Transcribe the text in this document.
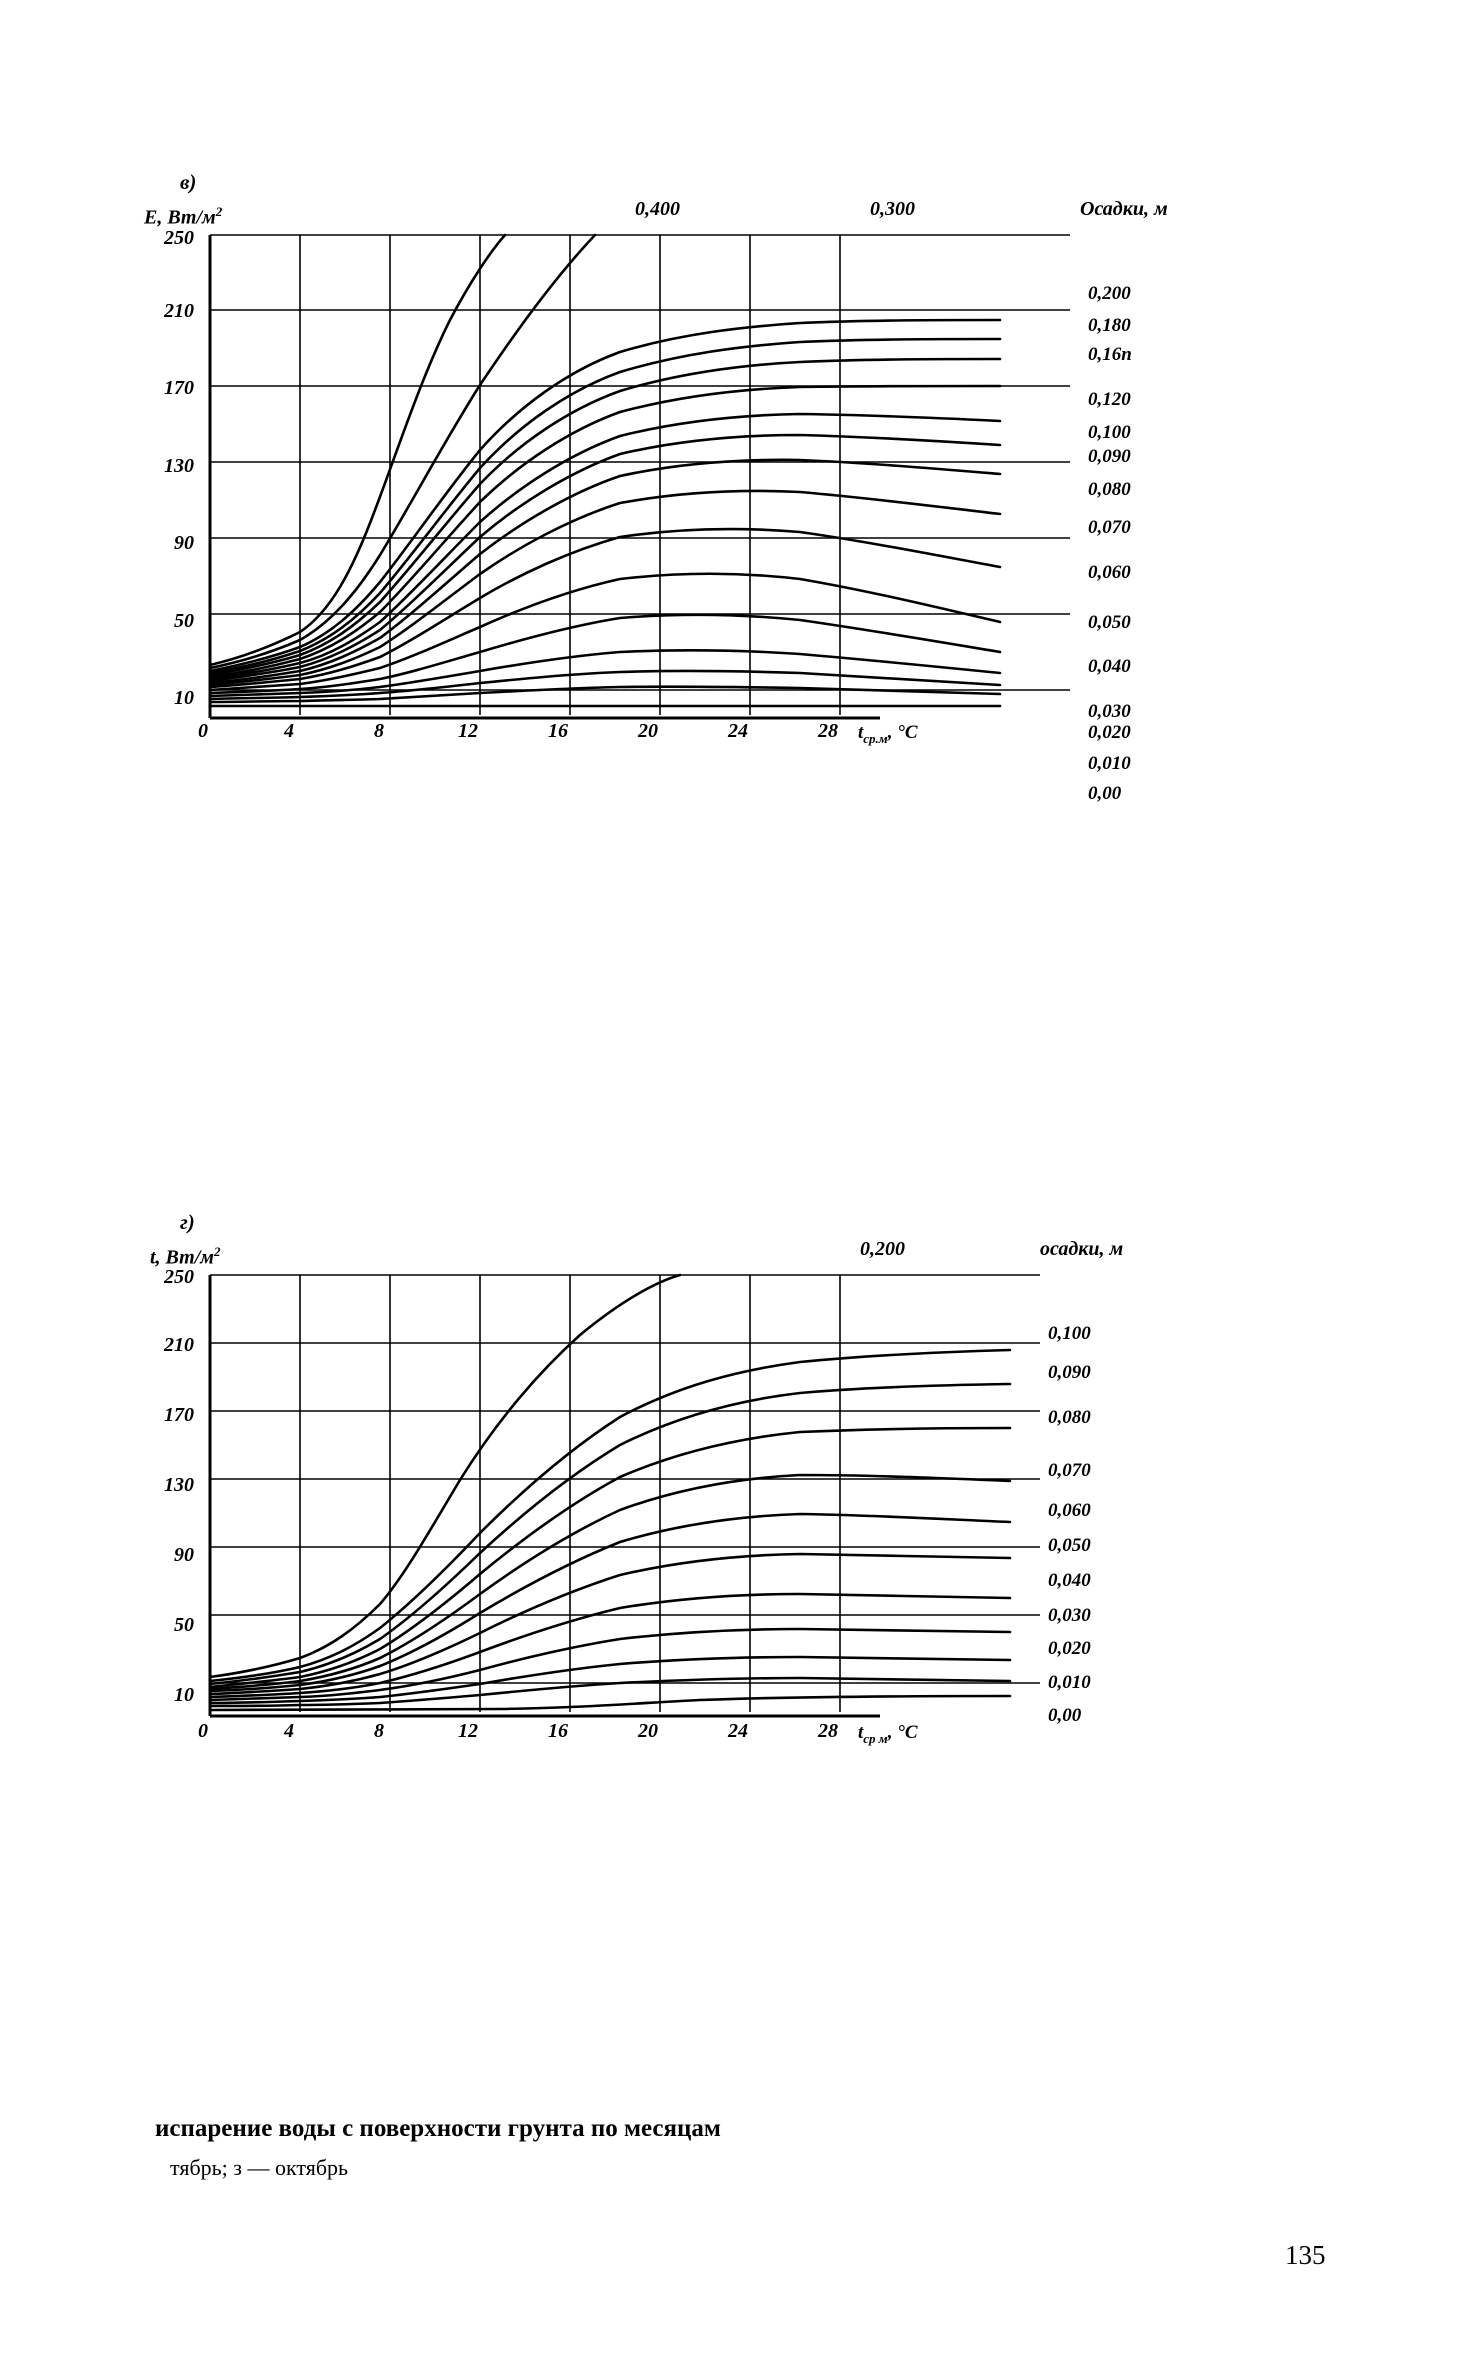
в)
E, $Вт/м^2$	0,400	0,300	Осадки, м
250
210
170
130
90
50
10
0	4	8	12	16	20	24	28 $t_{ср.м}$, °C
0,200
0,180
0,16п
0,120
0,100
0,090
0,080
0,070
0,060
0,050
0,040
0,030
0,020
0,010
0,00
г)
t, $Вт/м^2$	0,200	осадки, м
250
210
170
130
90
50
10
0	4	8	12	16	20	24	28 $t_{ср м}$, °C
0,100
0,090
0,080
0,070
0,060
0,050
0,040
0,030
0,020
0,010
0,00
испарение воды с поверхности грунта по месяцам
тябрь; з — октябрь
135
